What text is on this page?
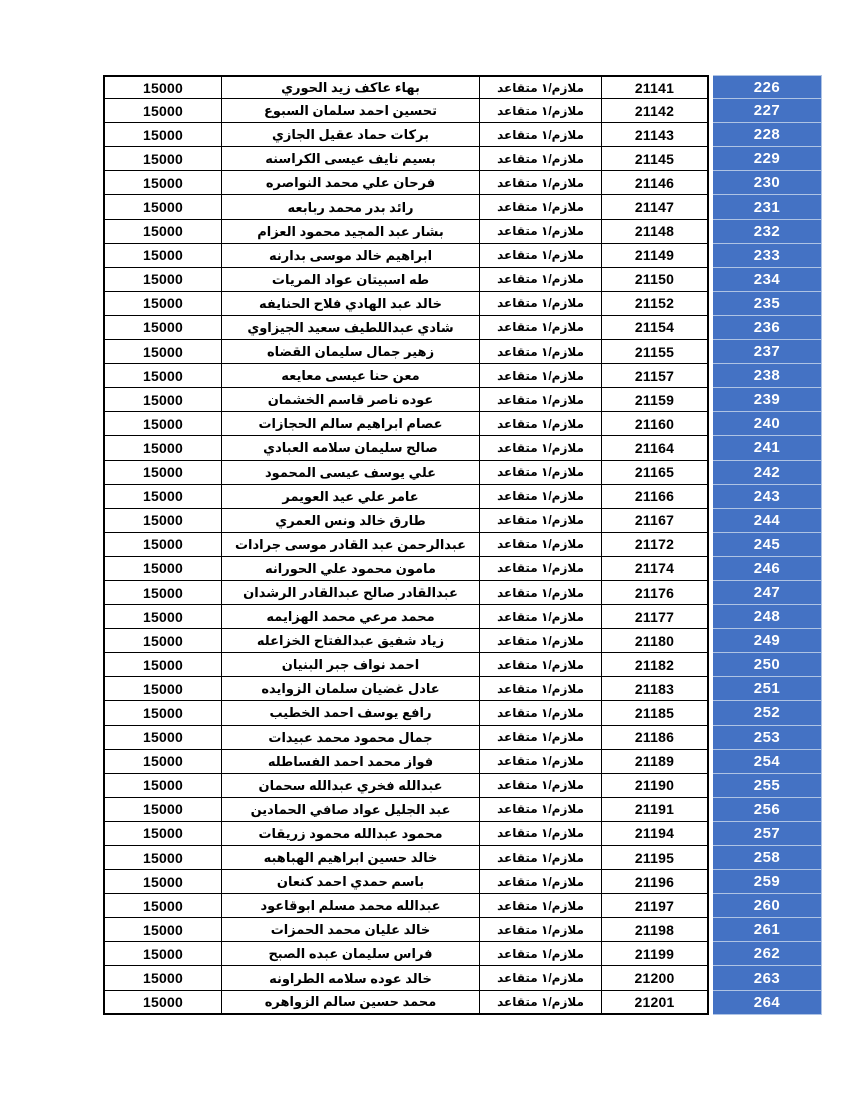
15000	بهاء عاكف زيد الحوري	ملازم/١ متقاعد	21141	226
15000	تحسين احمد سلمان السبوع	ملازم/١ متقاعد	21142	227
15000	بركات حماد عقيل الجازي	ملازم/١ متقاعد	21143	228
15000	بسيم نايف عيسى الكراسنه	ملازم/١ متقاعد	21145	229
15000	فرحان علي محمد النواصره	ملازم/١ متقاعد	21146	230
15000	رائد بدر محمد ربابعه	ملازم/١ متقاعد	21147	231
15000	بشار عبد المجيد محمود العزام	ملازم/١ متقاعد	21148	232
15000	ابراهيم خالد موسى بدارنه	ملازم/١ متقاعد	21149	233
15000	طه اسبيتان عواد المريات	ملازم/١ متقاعد	21150	234
15000	خالد عبد الهادي فلاح الحنايفه	ملازم/١ متقاعد	21152	235
15000	شادي عبداللطيف سعيد الجيزاوي	ملازم/١ متقاعد	21154	236
15000	زهير جمال سليمان القضاه	ملازم/١ متقاعد	21155	237
15000	معن حنا عيسى معايعه	ملازم/١ متقاعد	21157	238
15000	عوده ناصر قاسم الخشمان	ملازم/١ متقاعد	21159	239
15000	عصام ابراهيم سالم الحجازات	ملازم/١ متقاعد	21160	240
15000	صالح سليمان سلامه العبادي	ملازم/١ متقاعد	21164	241
15000	علي يوسف عيسى المحمود	ملازم/١ متقاعد	21165	242
15000	عامر علي عيد العويمر	ملازم/١ متقاعد	21166	243
15000	طارق خالد ونس العمري	ملازم/١ متقاعد	21167	244
15000	عبدالرحمن عبد القادر موسى جرادات	ملازم/١ متقاعد	21172	245
15000	مامون محمود علي الحورانه	ملازم/١ متقاعد	21174	246
15000	عبدالقادر صالح عبدالقادر الرشدان	ملازم/١ متقاعد	21176	247
15000	محمد مرعي محمد الهزايمه	ملازم/١ متقاعد	21177	248
15000	زياد شفيق عبدالفتاح الخزاعله	ملازم/١ متقاعد	21180	249
15000	احمد نواف جبر البنيان	ملازم/١ متقاعد	21182	250
15000	عادل غضيان سلمان الزوايده	ملازم/١ متقاعد	21183	251
15000	رافع يوسف احمد الخطيب	ملازم/١ متقاعد	21185	252
15000	جمال محمود محمد عبيدات	ملازم/١ متقاعد	21186	253
15000	فواز محمد احمد الفساطله	ملازم/١ متقاعد	21189	254
15000	عبدالله فخري عبدالله سحمان	ملازم/١ متقاعد	21190	255
15000	عبد الجليل عواد صافي الحمادين	ملازم/١ متقاعد	21191	256
15000	محمود عبدالله محمود زريقات	ملازم/١ متقاعد	21194	257
15000	خالد حسين ابراهيم الهباهبه	ملازم/١ متقاعد	21195	258
15000	باسم حمدي احمد كنعان	ملازم/١ متقاعد	21196	259
15000	عبدالله محمد مسلم ابوقاعود	ملازم/١ متقاعد	21197	260
15000	خالد عليان محمد الحمزات	ملازم/١ متقاعد	21198	261
15000	فراس سليمان عبده الصبح	ملازم/١ متقاعد	21199	262
15000	خالد عوده سلامه الطراونه	ملازم/١ متقاعد	21200	263
15000	محمد حسين سالم الزواهره	ملازم/١ متقاعد	21201	264
